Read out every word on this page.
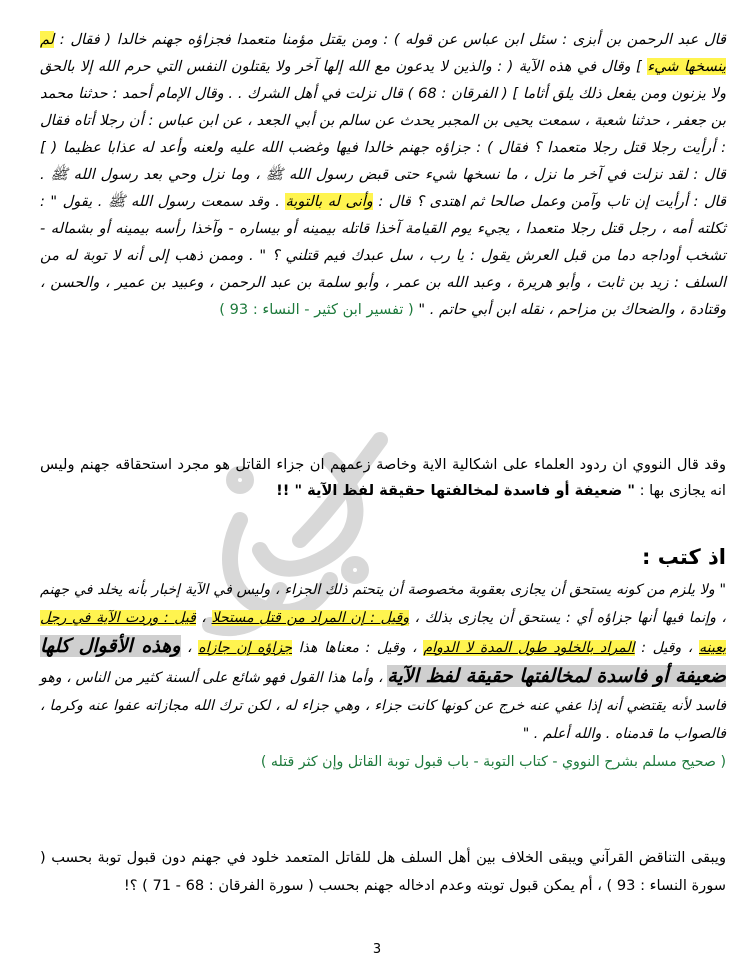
قال عبد الرحمن بن أبزى : سئل ابن عباس عن قوله ) : ومن يقتل مؤمنا متعمدا فجزاؤه جهنم خالدا ( فقال : لم ينسخها شيء ] وقال في هذه الآية ( : والذين لا يدعون مع الله إلها آخر ولا يقتلون النفس التي حرم الله إلا بالحق ولا يزنون ومن يفعل ذلك يلق أثاما ] ( الفرقان : 68 ) قال نزلت في أهل الشرك . . وقال الإمام أحمد : حدثنا محمد بن جعفر ، حدثنا شعبة ، سمعت يحيى بن المجبر يحدث عن سالم بن أبي الجعد ، عن ابن عباس : أن رجلا أتاه فقال : أرأيت رجلا قتل رجلا متعمدا ؟ فقال ) : جزاؤه جهنم خالدا فيها وغضب الله عليه ولعنه وأعد له عذابا عظيما ( ] قال : لقد نزلت في آخر ما نزل ، ما نسخها شيء حتى قبض رسول الله ﷺ ، وما نزل وحي بعد رسول الله ﷺ . قال : أرأيت إن تاب وآمن وعمل صالحا ثم اهتدى ؟ قال : وأنى له بالتوبة . وقد سمعت رسول الله ﷺ . يقول " : ثكلته أمه ، رجل قتل رجلا متعمدا ، يجيء يوم القيامة آخذا قاتله بيمينه أو بيساره - وآخذا رأسه بيمينه أو بشماله - تشخب أوداجه دما من قبل العرش يقول : يا رب ، سل عبدك فيم قتلني ؟ " . وممن ذهب إلى أنه لا توبة له من السلف : زيد بن ثابت ، وأبو هريرة ، وعبد الله بن عمر ، وأبو سلمة بن عبد الرحمن ، وعبيد بن عمير ، والحسن ، وقتادة ، والضحاك بن مزاحم ، نقله ابن أبي حاتم . " ( تفسير ابن كثير - النساء : 93 )
وقد قال النووي ان ردود العلماء على اشكالية الاية وخاصة زعمهم ان جزاء القاتل هو مجرد استحقاقه جهنم وليس انه يجازى بها : " ضعيفة أو فاسدة لمخالفتها حقيقة لفظ الآية " !!
اذ كتب :
" ولا يلزم من كونه يستحق أن يجازى بعقوبة مخصوصة أن يتحتم ذلك الجزاء ، وليس في الآية إخبار بأنه يخلد في جهنم ، وإنما فيها أنها جزاؤه أي : يستحق أن يجازى بذلك ، وقيل : إن المراد من قتل مستحلا ، قيل : وردت الآية في رجل بعينه ، وقيل : المراد بالخلود طول المدة لا الدوام ، وقيل : معناها هذا جزاؤه إن جازاه ، وهذه الأقوال كلها ضعيفة أو فاسدة لمخالفتها حقيقة لفظ الآية ، وأما هذا القول فهو شائع على ألسنة كثير من الناس ، وهو فاسد لأنه يقتضي أنه إذا عفي عنه خرج عن كونها كانت جزاء ، وهي جزاء له ، لكن ترك الله مجازاته عفوا عنه وكرما ، فالصواب ما قدمناه . والله أعلم . "
( صحيح مسلم بشرح النووي - كتاب التوبة - باب قبول توبة القاتل وإن كثر قتله )
ويبقى التناقض القرآني ويبقى الخلاف بين أهل السلف هل للقاتل المتعمد خلود في جهنم دون قبول توبة بحسب ( سورة النساء : 93 ) ، أم يمكن قبول توبته وعدم ادخاله جهنم بحسب ( سورة الفرقان : 68 - 71 ) ؟!
3
